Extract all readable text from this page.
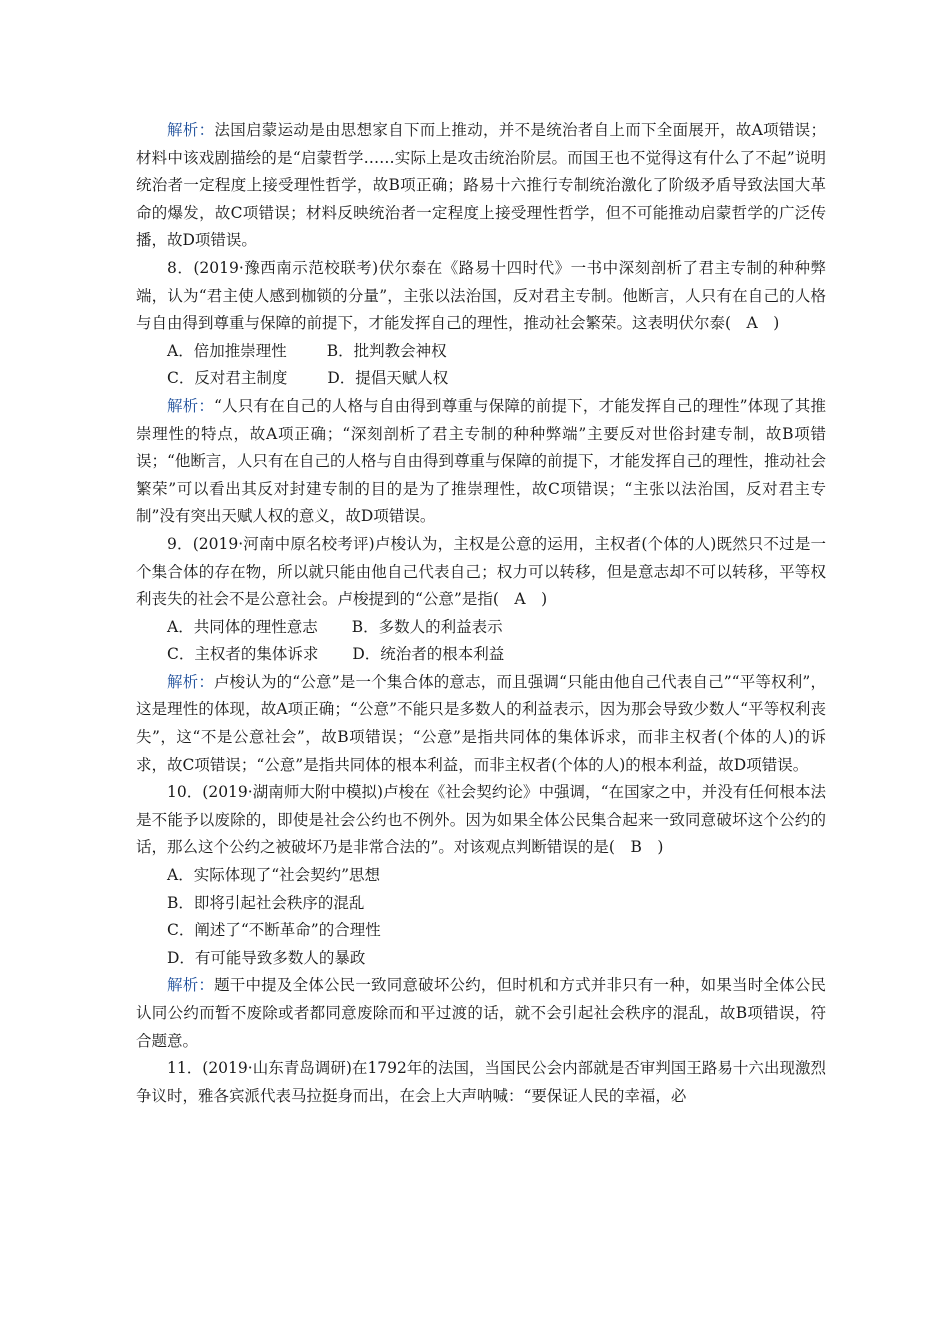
解析：法国启蒙运动是由思想家自下而上推动，并不是统治者自上而下全面展开，故A项错误；材料中该戏剧描绘的是“启蒙哲学……实际上是攻击统治阶层。而国王也不觉得这有什么了不起”说明统治者一定程度上接受理性哲学，故B项正确；路易十六推行专制统治激化了阶级矛盾导致法国大革命的爆发，故C项错误；材料反映统治者一定程度上接受理性哲学，但不可能推动启蒙哲学的广泛传播，故D项错误。

8．(2019·豫西南示范校联考)伏尔泰在《路易十四时代》一书中深刻剖析了君主专制的种种弊端，认为“君主使人感到枷锁的分量”，主张以法治国，反对君主专制。他断言，人只有在自己的人格与自由得到尊重与保障的前提下，才能发挥自己的理性，推动社会繁荣。这表明伏尔泰(　A　)

A．倍加推崇理性	B．批判教会神权

C．反对君主制度	D．提倡天赋人权

解析：“人只有在自己的人格与自由得到尊重与保障的前提下，才能发挥自己的理性”体现了其推崇理性的特点，故A项正确；“深刻剖析了君主专制的种种弊端”主要反对世俗封建专制，故B项错误；“他断言，人只有在自己的人格与自由得到尊重与保障的前提下，才能发挥自己的理性，推动社会繁荣”可以看出其反对封建专制的目的是为了推崇理性，故C项错误；“主张以法治国，反对君主专制”没有突出天赋人权的意义，故D项错误。

9．(2019·河南中原名校考评)卢梭认为，主权是公意的运用，主权者(个体的人)既然只不过是一个集合体的存在物，所以就只能由他自己代表自己；权力可以转移，但是意志却不可以转移，平等权利丧失的社会不是公意社会。卢梭提到的“公意”是指(　A　)

A．共同体的理性意志 B．多数人的利益表示

C．主权者的集体诉求 D．统治者的根本利益

解析：卢梭认为的“公意”是一个集合体的意志，而且强调“只能由他自己代表自己”“平等权利”，这是理性的体现，故A项正确；“公意”不能只是多数人的利益表示，因为那会导致少数人“平等权利丧失”，这“不是公意社会”，故B项错误；“公意”是指共同体的集体诉求，而非主权者(个体的人)的诉求，故C项错误；“公意”是指共同体的根本利益，而非主权者(个体的人)的根本利益，故D项错误。

10．(2019·湖南师大附中模拟)卢梭在《社会契约论》中强调，“在国家之中，并没有任何根本法是不能予以废除的，即使是社会公约也不例外。因为如果全体公民集合起来一致同意破坏这个公约的话，那么这个公约之被破坏乃是非常合法的”。对该观点判断错误的是(　B　)

A．实际体现了“社会契约”思想

B．即将引起社会秩序的混乱

C．阐述了“不断革命”的合理性

D．有可能导致多数人的暴政

解析：题干中提及全体公民一致同意破坏公约，但时机和方式并非只有一种，如果当时全体公民认同公约而暂不废除或者都同意废除而和平过渡的话，就不会引起社会秩序的混乱，故B项错误，符合题意。

11．(2019·山东青岛调研)在1792年的法国，当国民公会内部就是否审判国王路易十六出现激烈争议时，雅各宾派代表马拉挺身而出，在会上大声呐喊：“要保证人民的幸福，必
